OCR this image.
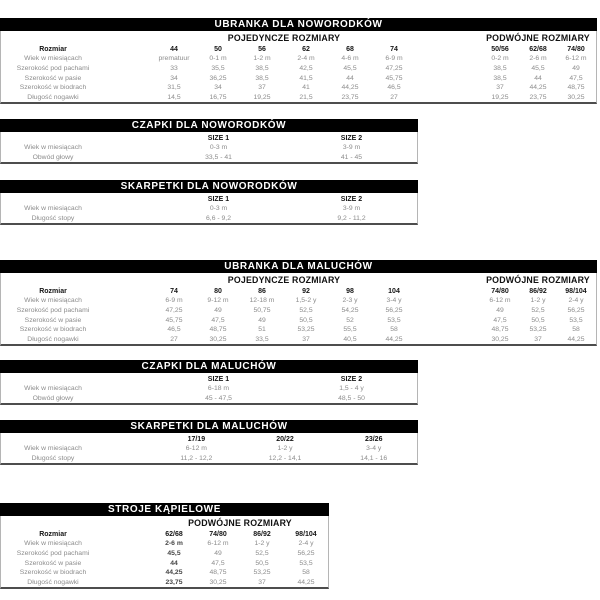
UBRANKA DLA NOWORODKÓW
POJEDYNCZE ROZMIARY	PODWÓJNE ROZMIARY
Rozmiar	44	50	56	62	68	74	50/56	62/68	74/80
Wiek w miesiącach	prematuur	0-1 m	1-2 m	2-4 m	4-6 m	6-9 m	0-2 m	2-6 m	6-12 m
Szerokość pod pachami	33	35,5	38,5	42,5	45,5	47,25	38,5	45,5	49
Szerokość w pasie	34	36,25	38,5	41,5	44	45,75	38,5	44	47,5
Szerokość w biodrach	31,5	34	37	41	44,25	46,5	37	44,25	48,75
Długość nogawki	14,5	16,75	19,25	21,5	23,75	27	19,25	23,75	30,25
CZAPKI DLA NOWORODKÓW
SIZE 1	SIZE 2
Wiek w miesiącach	0-3 m	3-9 m
Obwód głowy	33,5 - 41	41 - 45
SKARPETKI DLA NOWORODKÓW
SIZE 1	SIZE 2
Wiek w miesiącach	0-3 m	3-9 m
Długość stopy	6,6 - 9,2	9,2 - 11,2
UBRANKA DLA MALUCHÓW
POJEDYNCZE ROZMIARY	PODWÓJNE ROZMIARY
Rozmiar	74	80	86	92	98	104	74/80	86/92	98/104
Wiek w miesiącach	6-9 m	9-12 m	12-18 m	1,5-2 y	2-3 y	3-4 y	6-12 m	1-2 y	2-4 y
Szerokość pod pachami	47,25	49	50,75	52,5	54,25	56,25	49	52,5	56,25
Szerokość w pasie	45,75	47,5	49	50,5	52	53,5	47,5	50,5	53,5
Szerokość w biodrach	46,5	48,75	51	53,25	55,5	58	48,75	53,25	58
Długość nogawki	27	30,25	33,5	37	40,5	44,25	30,25	37	44,25
CZAPKI DLA MALUCHÓW
SIZE 1	SIZE 2
Wiek w miesiącach	6-18 m	1,5 - 4 y
Obwód głowy	45 - 47,5	48,5 - 50
SKARPETKI DLA MALUCHÓW
17/19	20/22	23/26
Wiek w miesiącach	6-12 m	1-2 y	3-4 y
Długość stopy	11,2 - 12,2	12,2 - 14,1	14,1 - 16
STROJE KĄPIELOWE
PODWÓJNE ROZMIARY
Rozmiar	62/68	74/80	86/92	98/104
Wiek w miesiącach	2-6 m	6-12 m	1-2 y	2-4 y
Szerokość pod pachami	45,5	49	52,5	56,25
Szerokość w pasie	44	47,5	50,5	53,5
Szerokość w biodrach	44,25	48,75	53,25	58
Długość nogawki	23,75	30,25	37	44,25
